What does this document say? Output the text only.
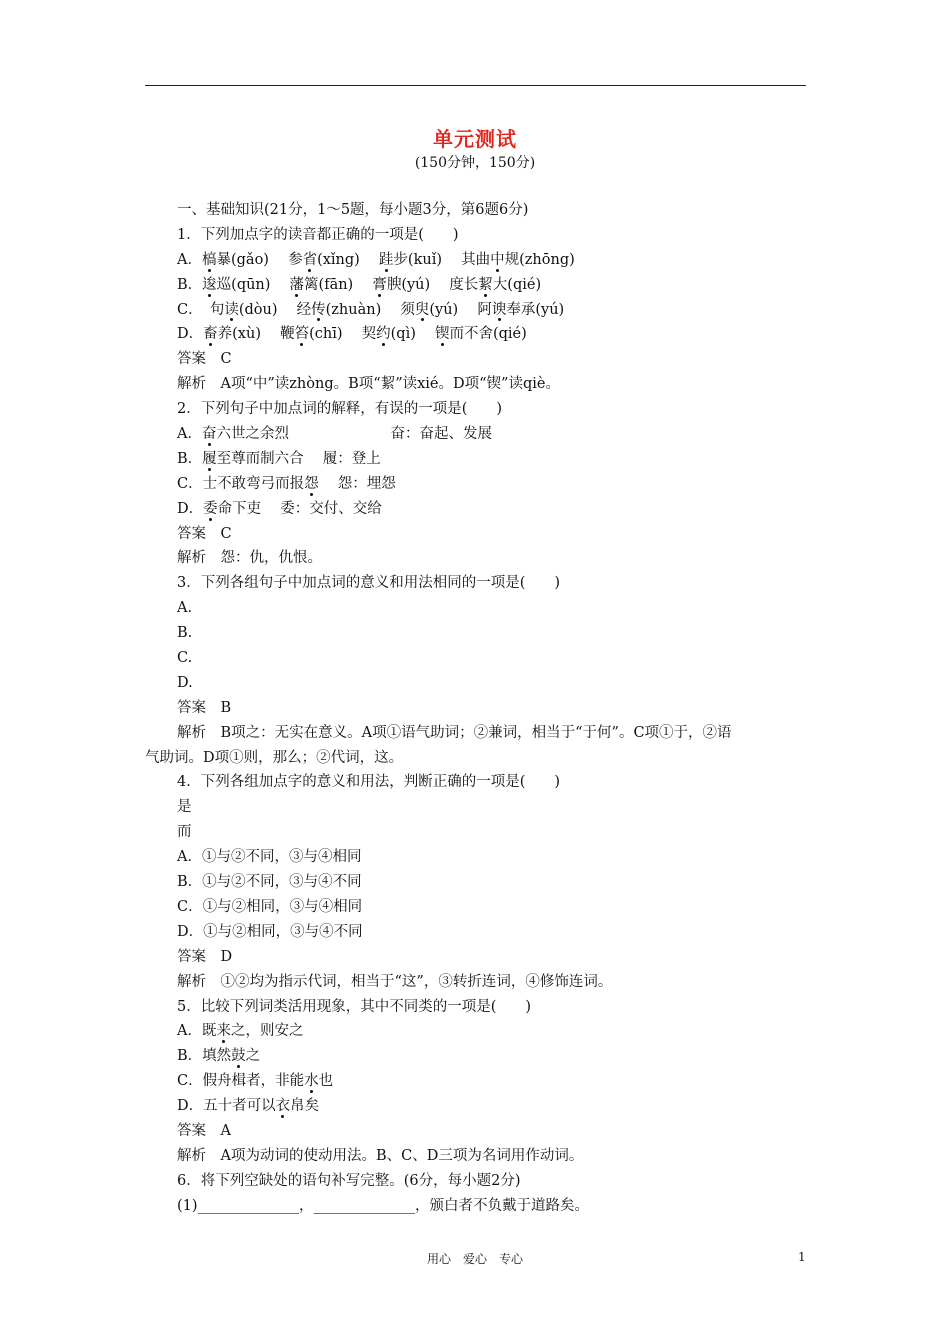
单元测试
(150分钟，150分)
一、基础知识(21分，1～5题，每小题3分，第6题6分)
1．下列加点字的读音都正确的一项是(　　)
A．槁暴(gǎo)　 参省(xǐng)　 跬步(kuǐ)　 其曲中规(zhōng)
B．逡巡(qūn)　 藩篱(fān)　 膏腴(yú)　 度长絜大(qié)
C．　句读(dòu)　 经传(zhuàn)　 须臾(yú)　 阿谀奉承(yú)
D．畜养(xù)　 鞭笞(chī)　 契约(qì)　 锲而不舍(qié)
答案　C
解析　A项“中”读zhòng。B项“絜”读xié。D项“锲”读qiè。
2．下列句子中加点词的解释，有误的一项是(　　)
A．奋六世之余烈　　　　　　　奋：奋起、发展
B．履至尊而制六合　 履：登上
C．士不敢弯弓而报怨　 怨：埋怨
D．委命下吏　 委：交付、交给
答案　C
解析　怨：仇，仇恨。
3．下列各组句子中加点词的意义和用法相同的一项是(　　)
A.
B.
C.
D.
答案　B
解析　B项之：无实在意义。A项①语气助词；②兼词，相当于“于何”。C项①于，②语
气助词。D项①则，那么；②代词，这。
4．下列各组加点字的意义和用法，判断正确的一项是(　　)
是
而
A．①与②不同，③与④相同
B．①与②不同，③与④不同
C．①与②相同，③与④相同
D．①与②相同，③与④不同
答案　D
解析　①②均为指示代词，相当于“这”，③转折连词，④修饰连词。
5．比较下列词类活用现象，其中不同类的一项是(　　)
A．既来之，则安之
B．填然鼓之
C．假舟楫者，非能水也
D．五十者可以衣帛矣
答案　A
解析　A项为动词的使动用法。B、C、D三项为名词用作动词。
6．将下列空缺处的语句补写完整。(6分，每小题2分)
(1)______________，______________，颁白者不负戴于道路矣。
用心　爱心　专心	1
